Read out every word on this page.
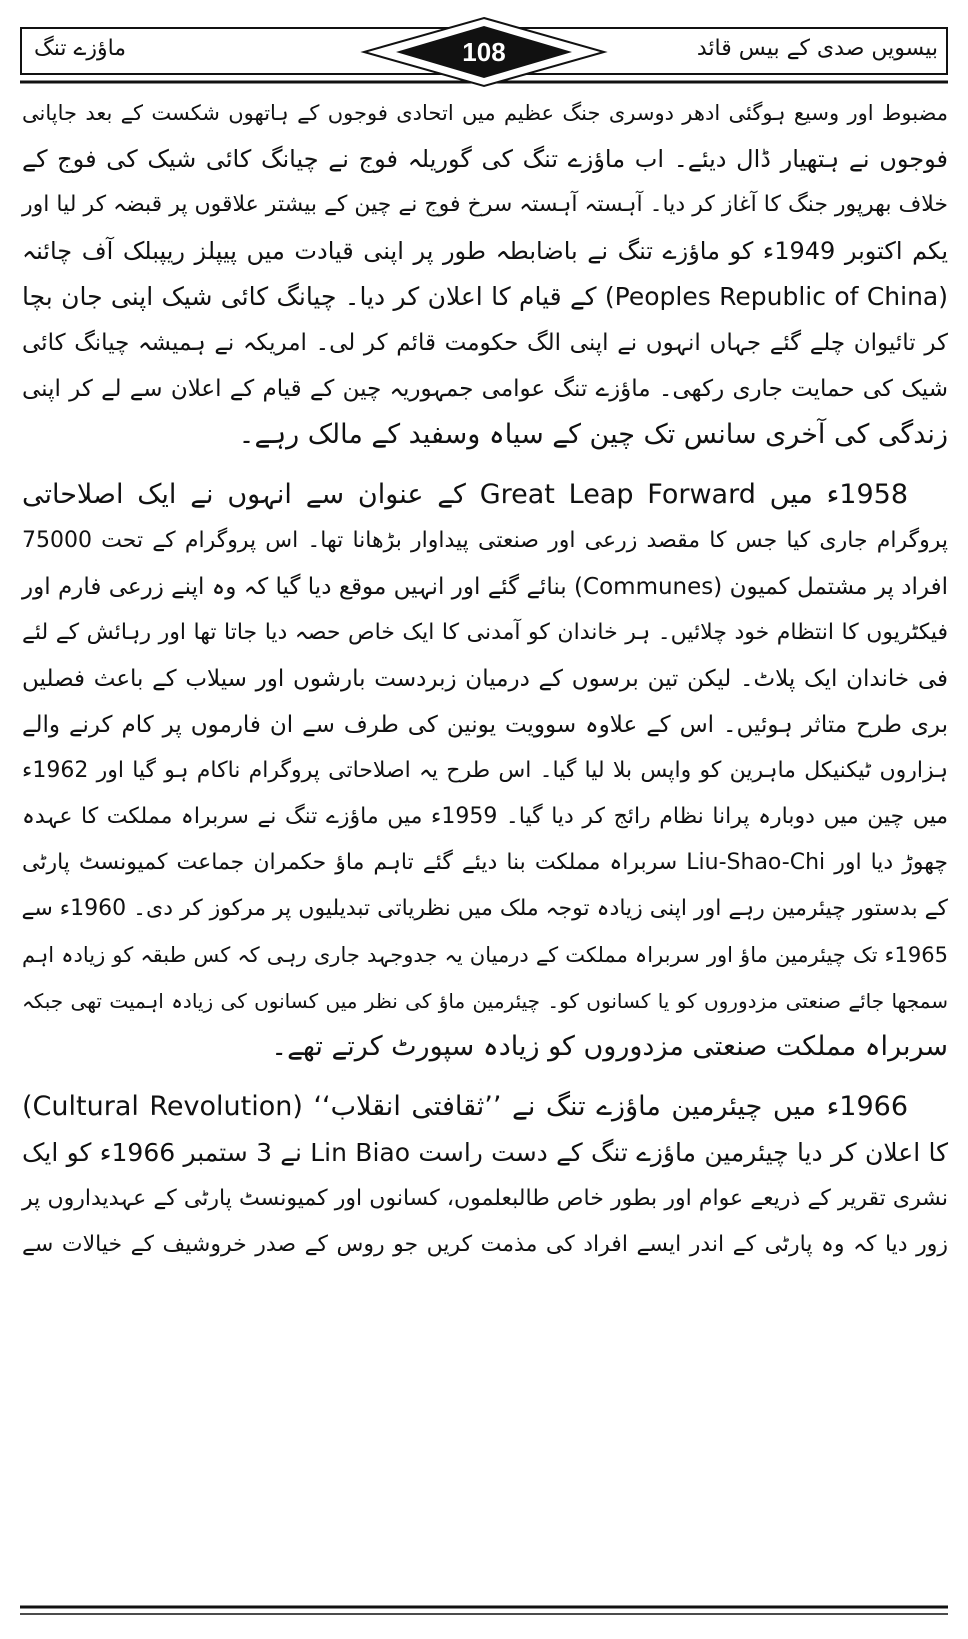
بیسویں صدی کے بیس قائد
ماؤزے تنگ	108
مضبوط اور وسیع ہوگئی ادھر دوسری جنگ عظیم میں اتحادی فوجوں کے ہاتھوں شکست کے بعد جاپانی
فوجوں نے ہتھیار ڈال دیئے۔ اب ماؤزے تنگ کی گوریلہ فوج نے چیانگ کائی شیک کی فوج کے
خلاف بھرپور جنگ کا آغاز کر دیا۔ آہستہ آہستہ سرخ فوج نے چین کے بیشتر علاقوں پر قبضہ کر لیا اور
یکم اکتوبر 1949ء کو ماؤزے تنگ نے باضابطہ طور پر اپنی قیادت میں پیپلز ریپبلک آف چائنہ
(Peoples Republic of China) کے قیام کا اعلان کر دیا۔ چیانگ کائی شیک اپنی جان بچا
کر تائیوان چلے گئے جہاں انہوں نے اپنی الگ حکومت قائم کر لی۔ امریکہ نے ہمیشہ چیانگ کائی
شیک کی حمایت جاری رکھی۔ ماؤزے تنگ عوامی جمہوریہ چین کے قیام کے اعلان سے لے کر اپنی
زندگی کی آخری سانس تک چین کے سیاہ وسفید کے مالک رہے۔
1958ء میں Great Leap Forward کے عنوان سے انہوں نے ایک اصلاحاتی
پروگرام جاری کیا جس کا مقصد زرعی اور صنعتی پیداوار بڑھانا تھا۔ اس پروگرام کے تحت 75000
افراد پر مشتمل کمیون (Communes) بنائے گئے اور انہیں موقع دیا گیا کہ وہ اپنے زرعی فارم اور
فیکٹریوں کا انتظام خود چلائیں۔ ہر خاندان کو آمدنی کا ایک خاص حصہ دیا جاتا تھا اور رہائش کے لئے
فی خاندان ایک پلاٹ۔ لیکن تین برسوں کے درمیان زبردست بارشوں اور سیلاب کے باعث فصلیں
بری طرح متاثر ہوئیں۔ اس کے علاوہ سوویت یونین کی طرف سے ان فارموں پر کام کرنے والے
ہزاروں ٹیکنیکل ماہرین کو واپس بلا لیا گیا۔ اس طرح یہ اصلاحاتی پروگرام ناکام ہو گیا اور 1962ء
میں چین میں دوبارہ پرانا نظام رائج کر دیا گیا۔ 1959ء میں ماؤزے تنگ نے سربراہ مملکت کا عہدہ
چھوڑ دیا اور Liu-Shao-Chi سربراہ مملکت بنا دیئے گئے تاہم ماؤ حکمران جماعت کمیونسٹ پارٹی
کے بدستور چیئرمین رہے اور اپنی زیادہ توجہ ملک میں نظریاتی تبدیلیوں پر مرکوز کر دی۔ 1960ء سے
1965ء تک چیئرمین ماؤ اور سربراہ مملکت کے درمیان یہ جدوجہد جاری رہی کہ کس طبقہ کو زیادہ اہم
سمجھا جائے صنعتی مزدوروں کو یا کسانوں کو۔ چیئرمین ماؤ کی نظر میں کسانوں کی زیادہ اہمیت تھی جبکہ
سربراہ مملکت صنعتی مزدوروں کو زیادہ سپورٹ کرتے تھے۔
1966ء میں چیئرمین ماؤزے تنگ نے ’’ثقافتی انقلاب‘‘ (Cultural Revolution)
کا اعلان کر دیا چیئرمین ماؤزے تنگ کے دست راست Lin Biao نے 3 ستمبر 1966ء کو ایک
نشری تقریر کے ذریعے عوام اور بطور خاص طالبعلموں، کسانوں اور کمیونسٹ پارٹی کے عہدیداروں پر
زور دیا کہ وہ پارٹی کے اندر ایسے افراد کی مذمت کریں جو روس کے صدر خروشیف کے خیالات سے
